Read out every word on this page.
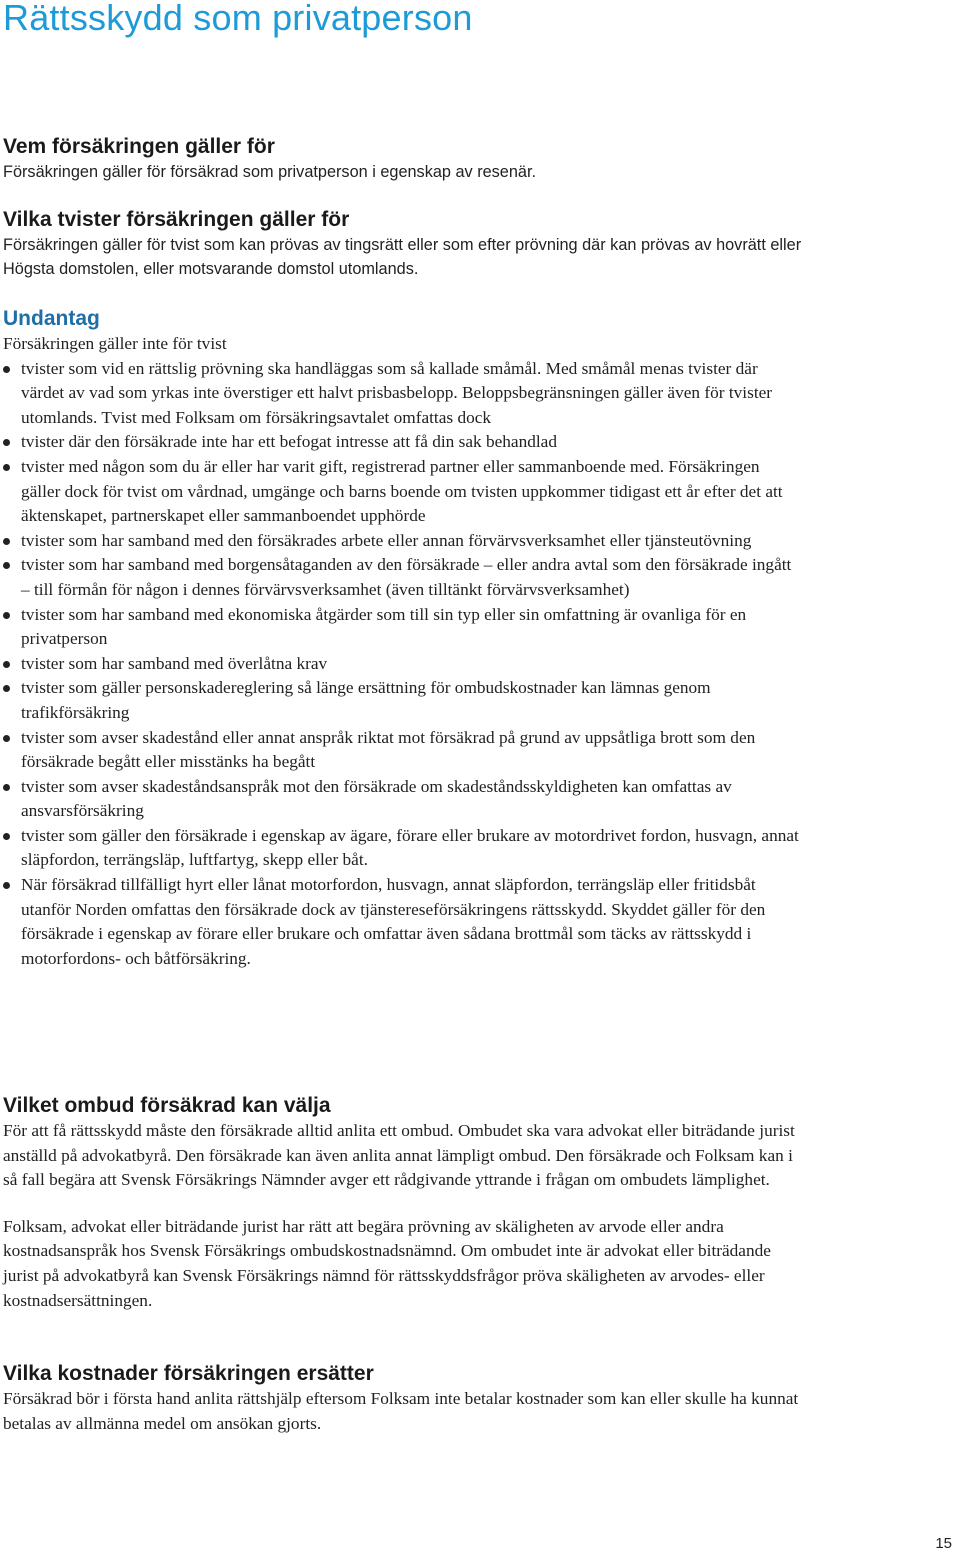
Rättsskydd som privatperson
Vem försäkringen gäller för

Försäkringen gäller för försäkrad som privatperson i egenskap av resenär.

Vilka tvister försäkringen gäller för

Försäkringen gäller för tvist som kan prövas av tingsrätt eller som efter prövning där kan prövas av hovrätt eller Högsta domstolen, eller motsvarande domstol utomlands.

Undantag

Försäkringen gäller inte för tvist

tvister som vid en rättslig prövning ska handläggas som så kallade småmål. Med småmål menas tvister där värdet av vad som yrkas inte överstiger ett halvt prisbasbelopp. Beloppsbegränsningen gäller även för tvister utomlands. Tvist med Folksam om försäkringsavtalet omfattas dock
tvister där den försäkrade inte har ett befogat intresse att få din sak behandlad
tvister med någon som du är eller har varit gift, registrerad partner eller sammanboende med. Försäkringen gäller dock för tvist om vårdnad, umgänge och barns boende om tvisten uppkommer tidigast ett år efter det att äktenskapet, partnerskapet eller sammanboendet upphörde
tvister som har samband med den försäkrades arbete eller annan förvärvsverksamhet eller tjänsteutövning
tvister som har samband med borgensåtaganden av den försäkrade – eller andra avtal som den försäkrade ingått – till förmån för någon i dennes förvärvsverksamhet (även tilltänkt förvärvsverksamhet)
tvister som har samband med ekonomiska åtgärder som till sin typ eller sin omfattning är ovanliga för en privatperson
tvister som har samband med överlåtna krav
tvister som gäller personskadereglering så länge ersättning för ombudskostnader kan lämnas genom trafikförsäkring
tvister som avser skadestånd eller annat anspråk riktat mot försäkrad på grund av uppsåtliga brott som den försäkrade begått eller misstänks ha begått
tvister som avser skadeståndsanspråk mot den försäkrade om skadeståndsskyldigheten kan omfattas av ansvarsförsäkring
tvister som gäller den försäkrade i egenskap av ägare, förare eller brukare av motordrivet fordon, husvagn, annat släpfordon, terrängsläp, luftfartyg, skepp eller båt.
När försäkrad tillfälligt hyrt eller lånat motorfordon, husvagn, annat släpfordon, terrängsläp eller fritidsbåt utanför Norden omfattas den försäkrade dock av tjänstereseförsäkringens rättsskydd. Skyddet gäller för den försäkrade i egenskap av förare eller brukare och omfattar även sådana brottmål som täcks av rättsskydd i motorfordons- och båtförsäkring.
Vilket ombud försäkrad kan välja

För att få rättsskydd måste den försäkrade alltid anlita ett ombud. Ombudet ska vara advokat eller biträdande jurist anställd på advokatbyrå. Den försäkrade kan även anlita annat lämpligt ombud. Den försäkrade och Folksam kan i så fall begära att Svensk Försäkrings Nämnder avger ett rådgivande yttrande i frågan om ombudets lämplighet.

Folksam, advokat eller biträdande jurist har rätt att begära prövning av skäligheten av arvode eller andra kostnadsanspråk hos Svensk Försäkrings ombudskostnadsnämnd. Om ombudet inte är advokat eller biträdande jurist på advokatbyrå kan Svensk Försäkrings nämnd för rättsskyddsfrågor pröva skäligheten av arvodes- eller kostnadsersättningen.

Vilka kostnader försäkringen ersätter

Försäkrad bör i första hand anlita rättshjälp eftersom Folksam inte betalar kostnader som kan eller skulle ha kunnat betalas av allmänna medel om ansökan gjorts.

15
